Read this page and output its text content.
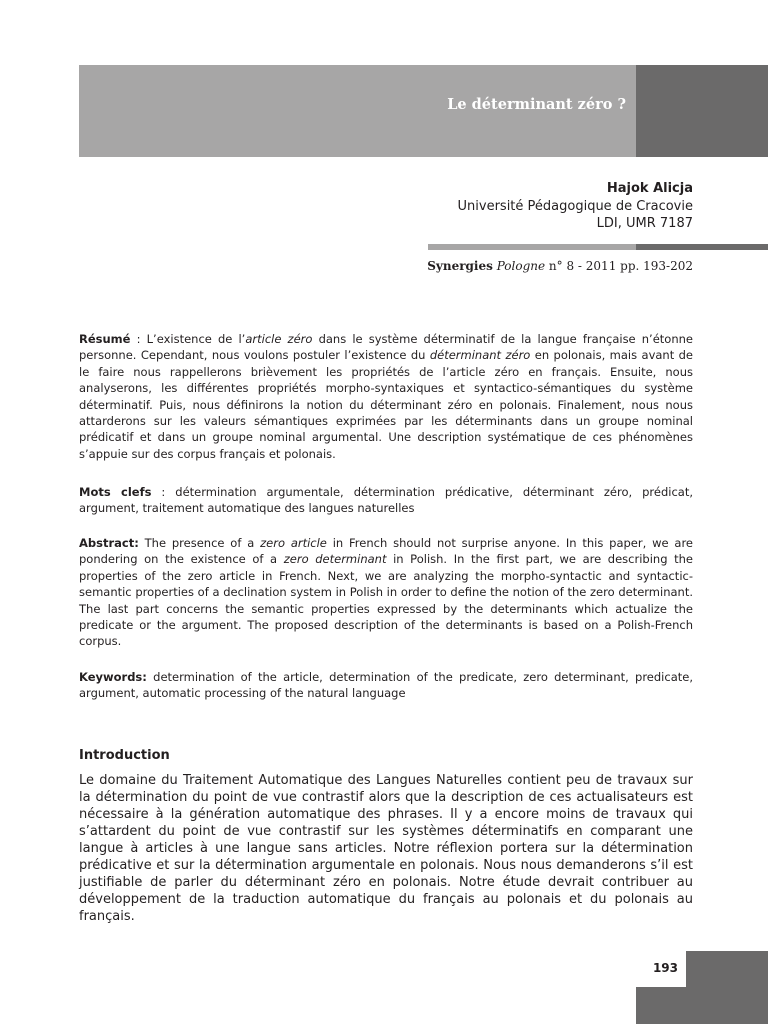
Le déterminant zéro ?
Hajok Alicja
Université Pédagogique de Cracovie
LDI, UMR 7187
Synergies Pologne n° 8 - 2011 pp. 193-202
Résumé : L’existence de l’article zéro dans le système déterminatif de la langue française n’étonne personne. Cependant, nous voulons postuler l’existence du déterminant zéro en polonais, mais avant de le faire nous rappellerons brièvement les propriétés de l’article zéro en français. Ensuite, nous analyserons, les différentes propriétés morpho-syntaxiques et syntactico-sémantiques du système déterminatif. Puis, nous définirons la notion du déterminant zéro en polonais. Finalement, nous nous attarderons sur les valeurs sémantiques exprimées par les déterminants dans un groupe nominal prédicatif et dans un groupe nominal argumental. Une description systématique de ces phénomènes s’appuie sur des corpus français et polonais.
Mots clefs : détermination argumentale, détermination prédicative, déterminant zéro, prédicat, argument, traitement automatique des langues naturelles
Abstract: The presence of a zero article in French should not surprise anyone. In this paper, we are pondering on the existence of a zero determinant in Polish. In the first part, we are describing the properties of the zero article in French. Next, we are analyzing the morpho-syntactic and syntactic-semantic properties of a declination system in Polish in order to define the notion of the zero determinant. The last part concerns the semantic properties expressed by the determinants which actualize the predicate or the argument. The proposed description of the determinants is based on a Polish-French corpus.
Keywords: determination of the article, determination of the predicate, zero determinant, predicate, argument, automatic processing of the natural language
Introduction
Le domaine du Traitement Automatique des Langues Naturelles contient peu de travaux sur la détermination du point de vue contrastif alors que la description de ces actualisateurs est nécessaire à la génération automatique des phrases. Il y a encore moins de travaux qui s’attardent du point de vue contrastif sur les systèmes déterminatifs en comparant une langue à articles à une langue sans articles. Notre réflexion portera sur la détermination prédicative et sur la détermination argumentale en polonais. Nous nous demanderons s’il est justifiable de parler du déterminant zéro en polonais. Notre étude devrait contribuer au développement de la traduction automatique du français au polonais et du polonais au français.
193
